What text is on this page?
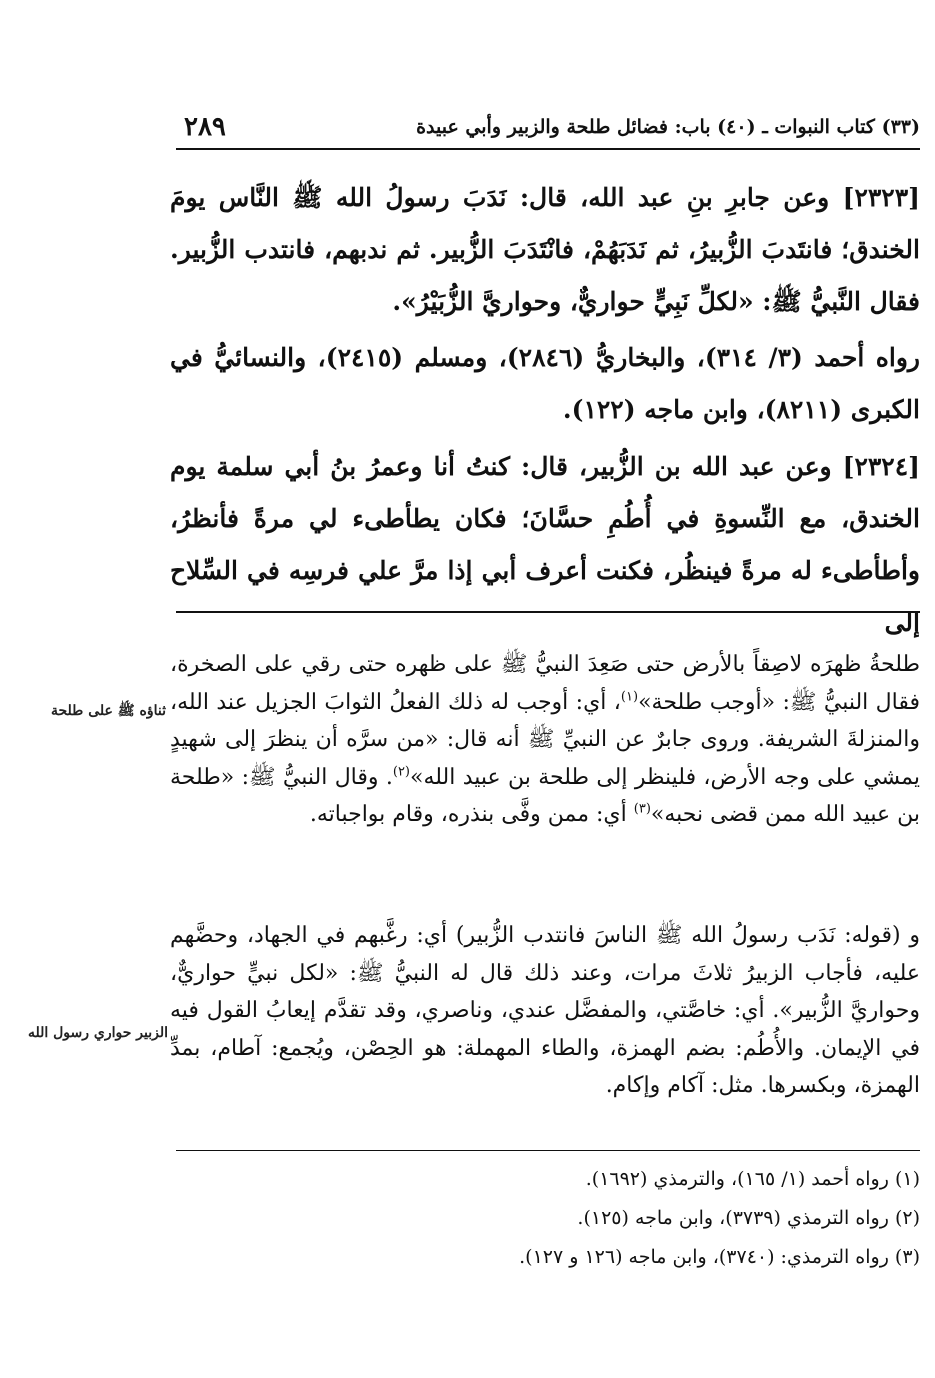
(٣٣) كتاب النبوات ـ (٤٠) باب: فضائل طلحة والزبير وأبي عبيدة
٢٨٩

[٢٣٢٣] وعن جابرِ بنِ عبد الله، قال: نَدَبَ رسولُ الله ﷺ النَّاس يومَ الخندق؛ فانتَدبَ الزُّبيرُ، ثم نَدَبَهُمْ، فانْتَدَبَ الزُّبير. ثم ندبهم، فانتدب الزُّبير. فقال النَّبيُّ ﷺ: «لكلِّ نَبِيٍّ حواريٌّ، وحواريَّ الزُّبَيْرُ».

رواه أحمد (٣/ ٣١٤)، والبخاريُّ (٢٨٤٦)، ومسلم (٢٤١٥)، والنسائيُّ في الكبرى (٨٢١١)، وابن ماجه (١٢٢).

[٢٣٢٤] وعن عبد الله بن الزُّبير، قال: كنتُ أنا وعمرُ بنُ أبي سلمة يوم الخندق، مع النِّسوةِ في أُطُمِ حسَّانَ؛ فكان يطأطىء لي مرةً فأنظرُ، وأطأطىء له مرةً فينظُر، فكنت أعرف أبي إذا مرَّ علي فرسِه في السِّلاح إلى

طلحةُ ظهرَه لاصِقاً بالأرض حتى صَعِدَ النبيُّ ﷺ على ظهره حتى رقي على الصخرة، فقال النبيُّ ﷺ: «أوجب طلحة»$^{(١)}$، أي: أوجب له ذلك الفعلُ الثوابَ الجزيل عند الله، والمنزلةَ الشريفة. وروى جابرٌ عن النبيِّ ﷺ أنه قال: «من سرَّه أن ينظرَ إلى شهيدٍ يمشي على وجه الأرض، فلينظر إلى طلحة بن عبيد الله»$^{(٢)}$. وقال النبيُّ ﷺ: «طلحة بن عبيد الله ممن قضى نحبه»$^{(٣)}$ أي: ممن وفَّى بنذره، وقام بواجباته.

و (قوله: نَدَب رسولُ الله ﷺ الناسَ فانتدب الزُّبير) أي: رغَّبهم في الجهاد، وحضَّهم عليه، فأجاب الزبيرُ ثلاثَ مرات، وعند ذلك قال له النبيُّ ﷺ: «لكل نبيٍّ حواريٌّ، وحواريَّ الزُّبير». أي: خاصَّتي، والمفضَّل عندي، وناصري، وقد تقدَّم إيعابُ القول فيه في الإيمان. والأُطُم: بضم الهمزة، والطاء المهملة: هو الحِصْن، ويُجمع: آطام، بمدِّ الهمزة، وبكسرها. مثل: آكام وإكام.

ثناؤه ﷺ على طلحة
الزبير حواري رسول الله
(١) رواه أحمد (١/ ١٦٥)، والترمذي (١٦٩٢).
(٢) رواه الترمذي (٣٧٣٩)، وابن ماجه (١٢٥).
(٣) رواه الترمذي: (٣٧٤٠)، وابن ماجه (١٢٦ و ١٢٧).
